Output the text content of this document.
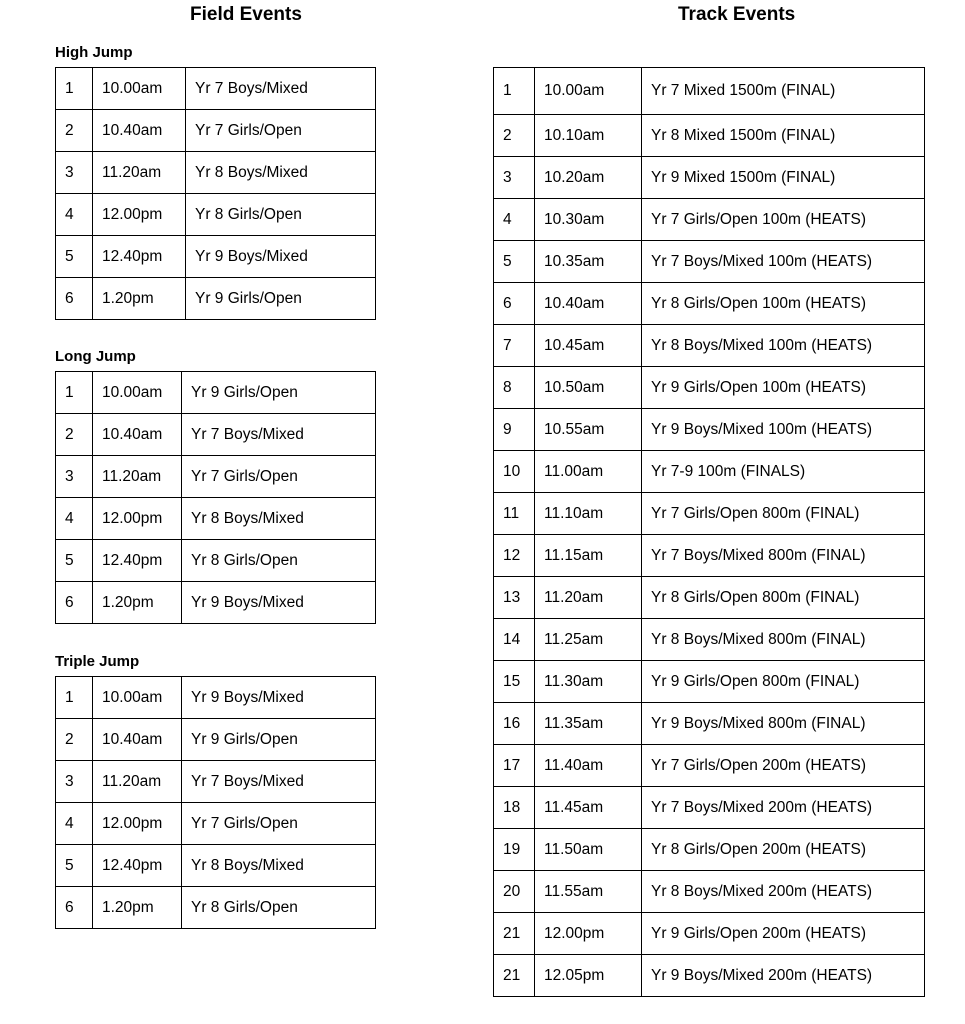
Field Events	Track Events
High Jump
1	10.00am	Yr 7 Boys/Mixed
2	10.40am	Yr 7 Girls/Open
3	11.20am	Yr 8 Boys/Mixed
4	12.00pm	Yr 8 Girls/Open
5	12.40pm	Yr 9 Boys/Mixed
6	1.20pm	Yr 9 Girls/Open
Long Jump
1	10.00am	Yr 9 Girls/Open
2	10.40am	Yr 7 Boys/Mixed
3	11.20am	Yr 7 Girls/Open
4	12.00pm	Yr 8 Boys/Mixed
5	12.40pm	Yr 8 Girls/Open
6	1.20pm	Yr 9 Boys/Mixed
Triple Jump
1	10.00am	Yr 9 Boys/Mixed
2	10.40am	Yr 9 Girls/Open
3	11.20am	Yr 7 Boys/Mixed
4	12.00pm	Yr 7 Girls/Open
5	12.40pm	Yr 8 Boys/Mixed
6	1.20pm	Yr 8 Girls/Open
1	10.00am	Yr 7 Mixed 1500m (FINAL)
2	10.10am	Yr 8 Mixed 1500m (FINAL)
3	10.20am	Yr 9 Mixed 1500m (FINAL)
4	10.30am	Yr 7 Girls/Open 100m (HEATS)
5	10.35am	Yr 7 Boys/Mixed 100m (HEATS)
6	10.40am	Yr 8 Girls/Open 100m (HEATS)
7	10.45am	Yr 8 Boys/Mixed 100m (HEATS)
8	10.50am	Yr 9 Girls/Open 100m (HEATS)
9	10.55am	Yr 9 Boys/Mixed 100m (HEATS)
10	11.00am	Yr 7-9 100m (FINALS)
11	11.10am	Yr 7 Girls/Open 800m (FINAL)
12	11.15am	Yr 7 Boys/Mixed 800m (FINAL)
13	11.20am	Yr 8 Girls/Open 800m (FINAL)
14	11.25am	Yr 8 Boys/Mixed 800m (FINAL)
15	11.30am	Yr 9 Girls/Open 800m (FINAL)
16	11.35am	Yr 9 Boys/Mixed 800m (FINAL)
17	11.40am	Yr 7 Girls/Open 200m (HEATS)
18	11.45am	Yr 7 Boys/Mixed 200m (HEATS)
19	11.50am	Yr 8 Girls/Open 200m (HEATS)
20	11.55am	Yr 8 Boys/Mixed 200m (HEATS)
21	12.00pm	Yr 9 Girls/Open 200m (HEATS)
21	12.05pm	Yr 9 Boys/Mixed 200m (HEATS)
